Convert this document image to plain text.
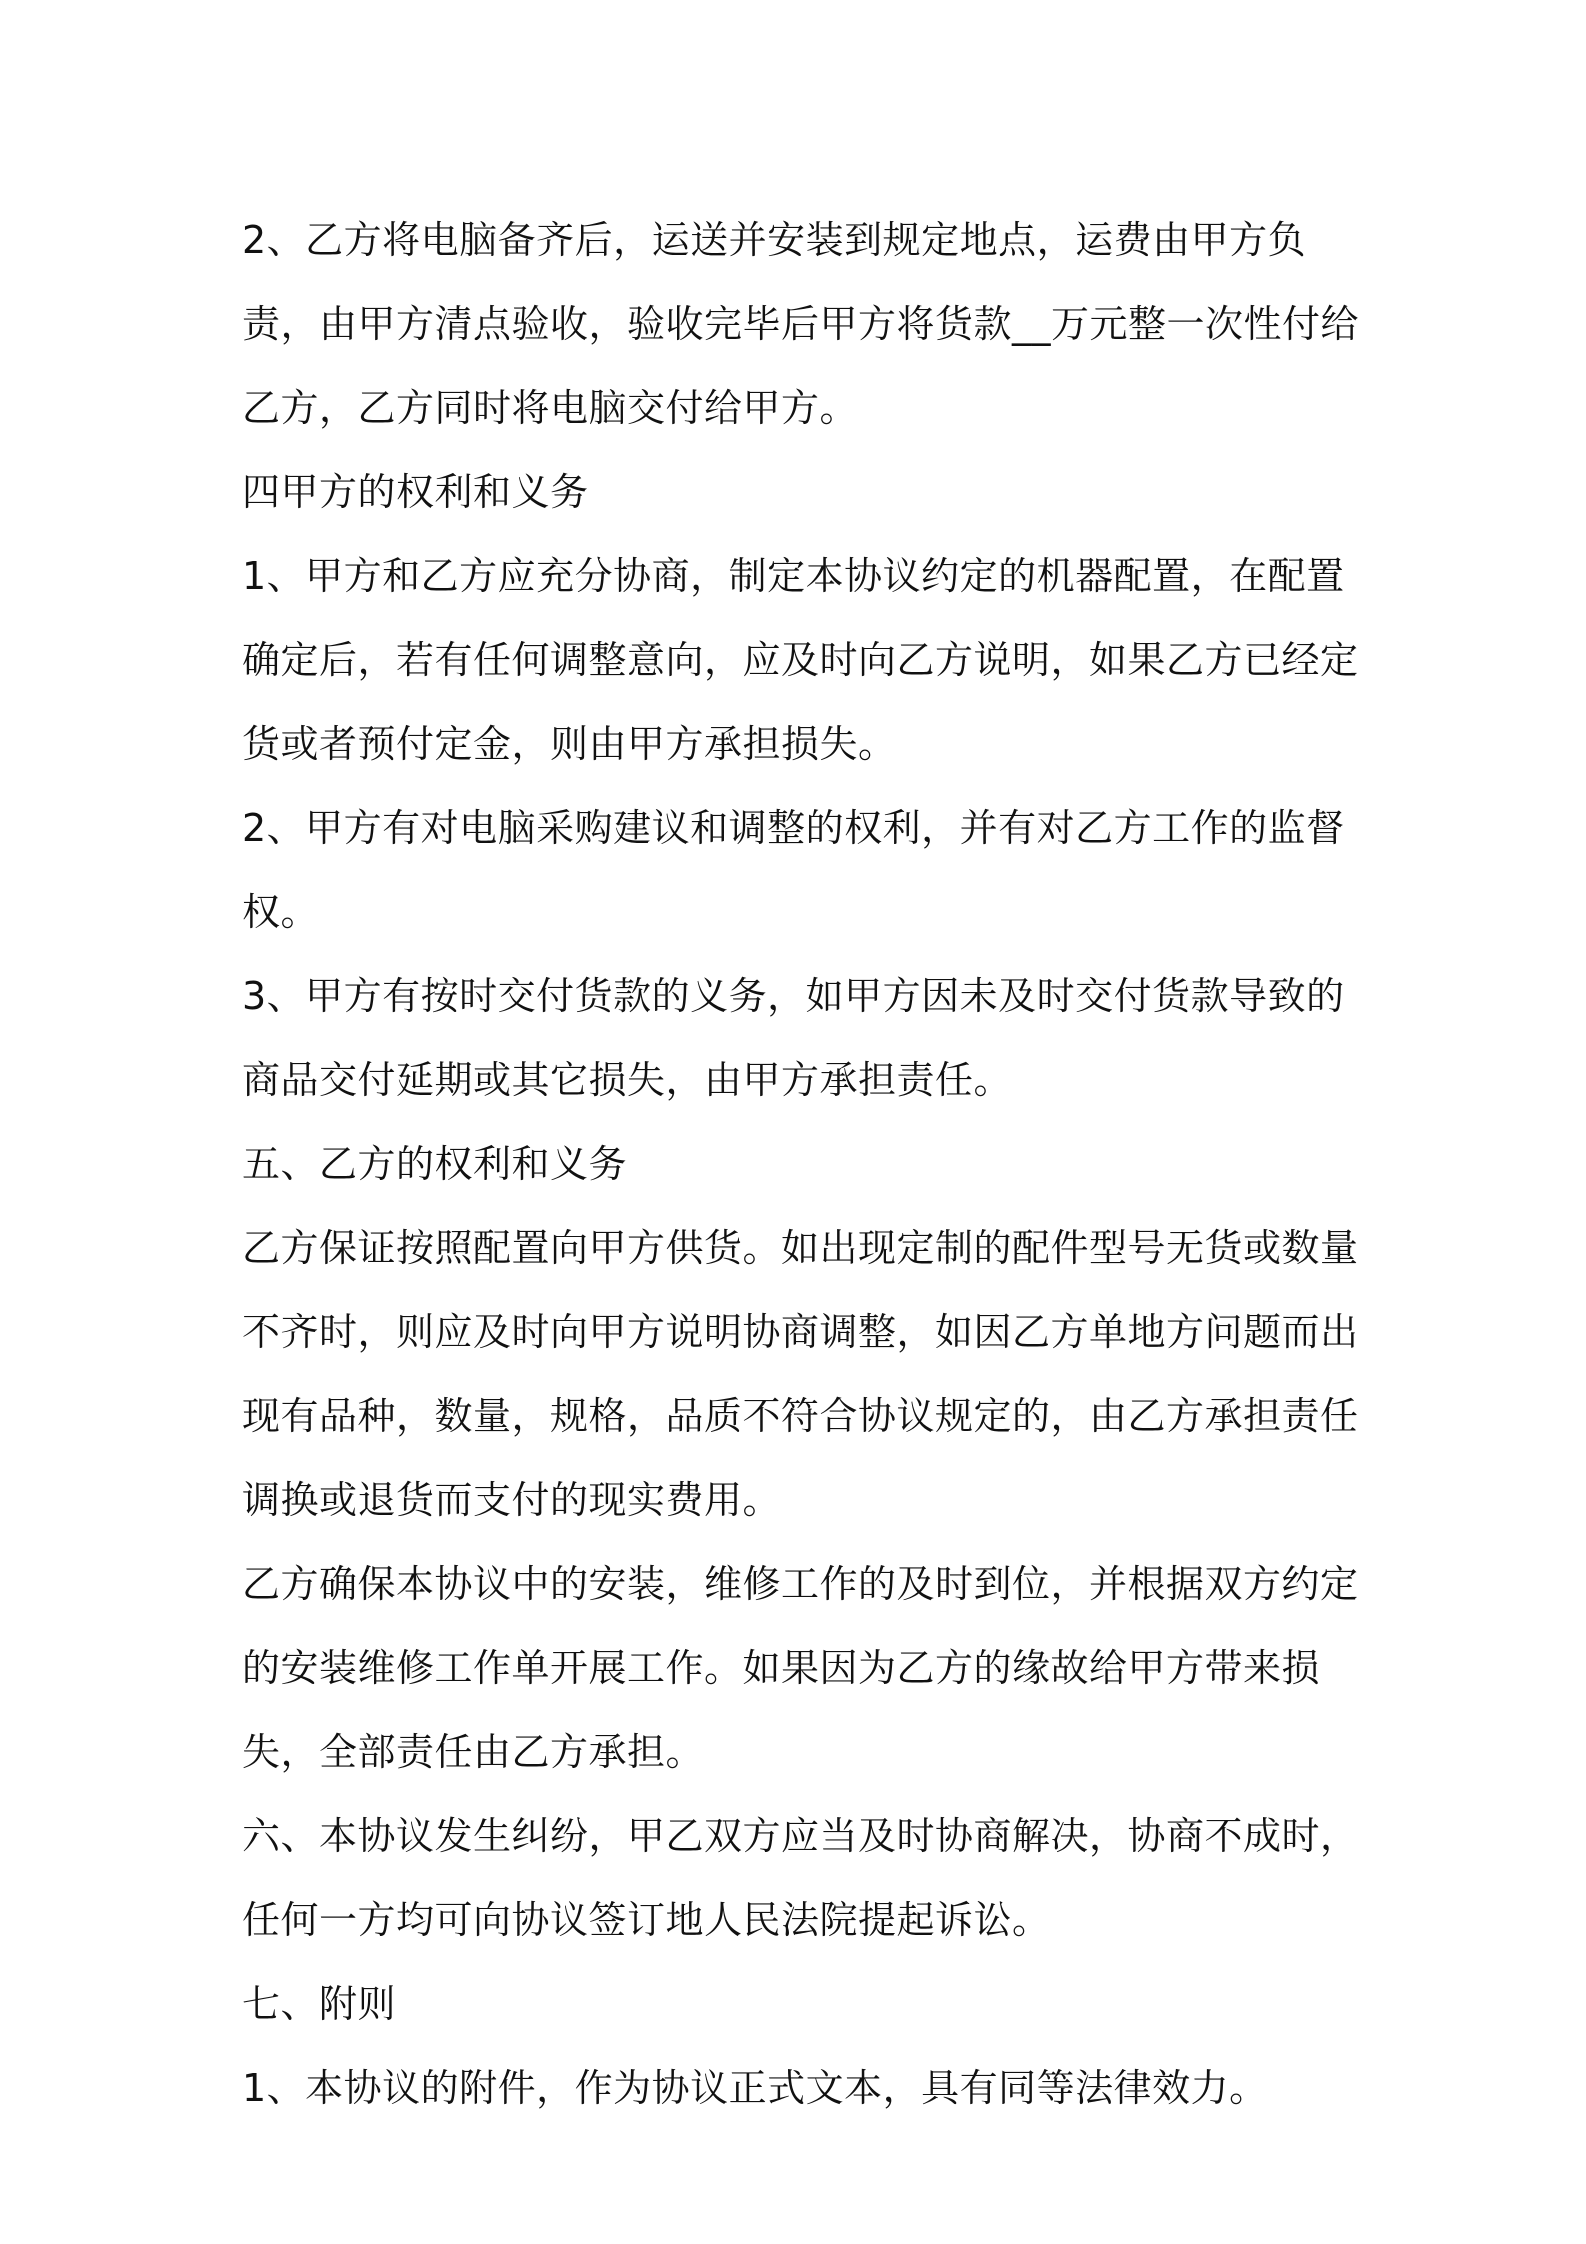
2、乙方将电脑备齐后，运送并安装到规定地点，运费由甲方负责，由甲方清点验收，验收完毕后甲方将货款__万元整一次性付给乙方，乙方同时将电脑交付给甲方。

四甲方的权利和义务

1、甲方和乙方应充分协商，制定本协议约定的机器配置，在配置确定后，若有任何调整意向，应及时向乙方说明，如果乙方已经定货或者预付定金，则由甲方承担损失。

2、甲方有对电脑采购建议和调整的权利，并有对乙方工作的监督权。

3、甲方有按时交付货款的义务，如甲方因未及时交付货款导致的商品交付延期或其它损失，由甲方承担责任。

五、乙方的权利和义务

乙方保证按照配置向甲方供货。如出现定制的配件型号无货或数量不齐时，则应及时向甲方说明协商调整，如因乙方单地方问题而出现有品种，数量，规格，品质不符合协议规定的，由乙方承担责任调换或退货而支付的现实费用。

乙方确保本协议中的安装，维修工作的及时到位，并根据双方约定的安装维修工作单开展工作。如果因为乙方的缘故给甲方带来损失，全部责任由乙方承担。

六、本协议发生纠纷，甲乙双方应当及时协商解决，协商不成时，任何一方均可向协议签订地人民法院提起诉讼。

七、附则

1、本协议的附件，作为协议正式文本，具有同等法律效力。
